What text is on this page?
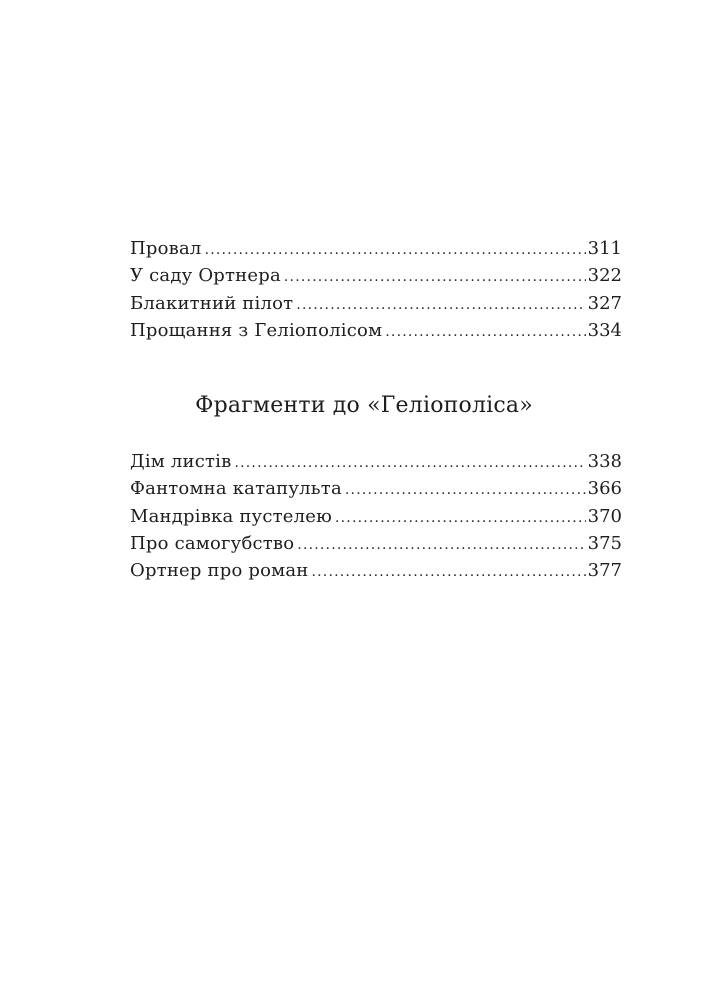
Провал .....	311
У саду Ортнера .....	322
Блакитний пілот .....	327
Прощання з Геліополісом .....	334
Фрагменти до «Геліополіса»
Дім листів .....	338
Фантомна катапульта .....	366
Мандрівка пустелею .....	370
Про самогубство .....	375
Ортнер про роман .....	377
